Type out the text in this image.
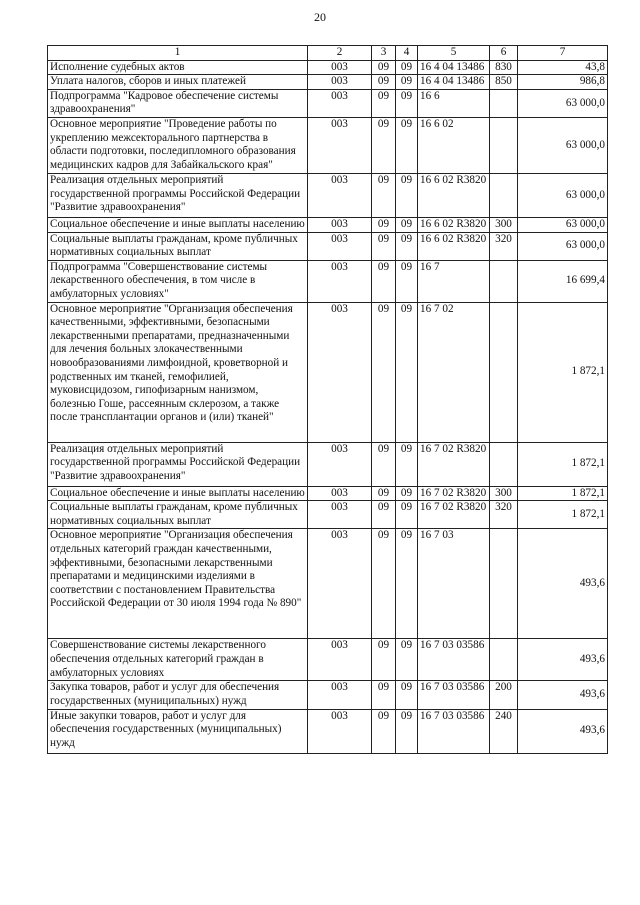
20
1	2	3	4	5	6	7
Исполнение судебных актов	003	09	09	16 4 04 13486	830	43,8
Уплата налогов, сборов и иных платежей	003	09	09	16 4 04 13486	850	986,8
Подпрограмма "Кадровое обеспечение системы здравоохранения"	003	09	09	16 6		63 000,0
Основное мероприятие "Проведение работы по укреплению межсекторального партнерства в области подготовки, последипломного образования медицинских кадров для Забайкальского края"	003	09	09	16 6 02		63 000,0
Реализация отдельных мероприятий государственной программы Российской Федерации "Развитие здравоохранения"	003	09	09	16 6 02 R3820		63 000,0
Социальное обеспечение и иные выплаты населению	003	09	09	16 6 02 R3820	300	63 000,0
Социальные выплаты гражданам, кроме публичных нормативных социальных выплат	003	09	09	16 6 02 R3820	320	63 000,0
Подпрограмма "Совершенствование системы лекарственного обеспечения, в том числе в амбулаторных условиях"	003	09	09	16 7		16 699,4
Основное мероприятие "Организация обеспечения качественными, эффективными, безопасными лекарственными препаратами, предназначенными для лечения больных злокачественными новообразованиями лимфоидной, кроветворной и родственных им тканей, гемофилией, муковисцидозом, гипофизарным нанизмом, болезнью Гоше, рассеянным склерозом, а также после трансплантации органов и (или) тканей"	003	09	09	16 7 02		1 872,1
Реализация отдельных мероприятий государственной программы Российской Федерации "Развитие здравоохранения"	003	09	09	16 7 02 R3820		1 872,1
Социальное обеспечение и иные выплаты населению	003	09	09	16 7 02 R3820	300	1 872,1
Социальные выплаты гражданам, кроме публичных нормативных социальных выплат	003	09	09	16 7 02 R3820	320	1 872,1
Основное мероприятие "Организация обеспечения отдельных категорий граждан качественными, эффективными, безопасными лекарственными препаратами и медицинскими изделиями в соответствии с постановлением Правительства Российской Федерации от 30 июля 1994 года № 890"	003	09	09	16 7 03		493,6
Совершенствование системы лекарственного обеспечения отдельных категорий граждан в амбулаторных условиях	003	09	09	16 7 03 03586		493,6
Закупка товаров, работ и услуг для обеспечения государственных (муниципальных) нужд	003	09	09	16 7 03 03586	200	493,6
Иные закупки товаров, работ и услуг для обеспечения государственных (муниципальных) нужд	003	09	09	16 7 03 03586	240	493,6
